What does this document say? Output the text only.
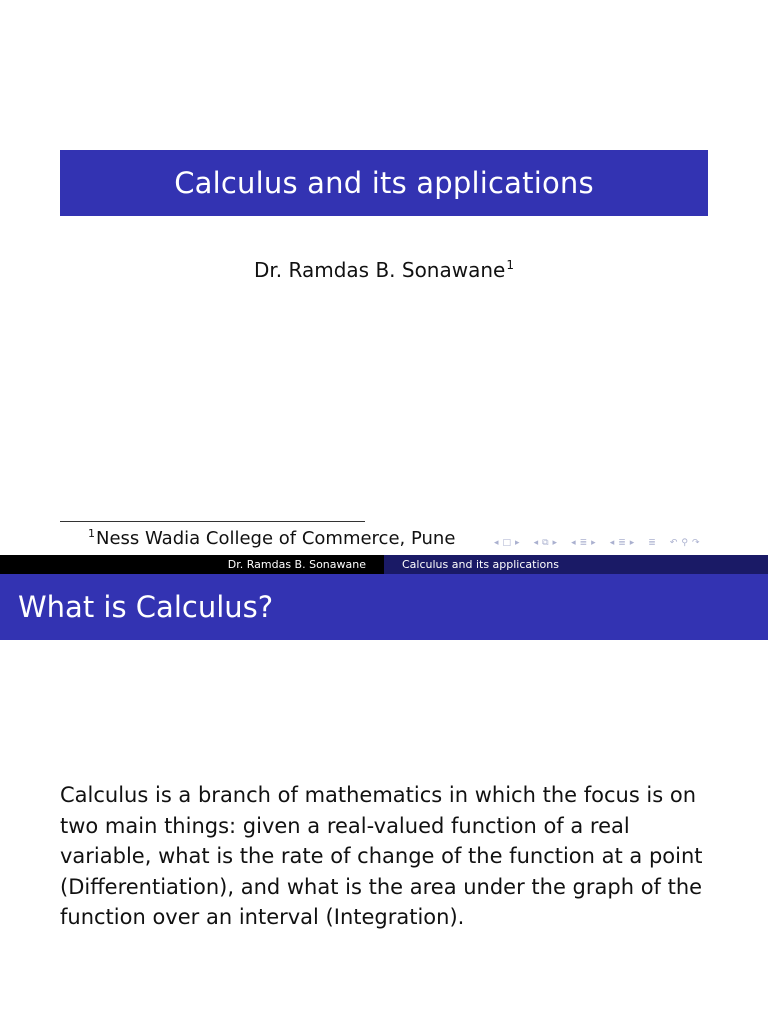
Calculus and its applications
Dr. Ramdas B. Sonawane$^1$
$^1$Ness Wadia College of Commerce, Pune	◂ □ ▸ ◂ ⧉ ▸ ◂ ≣ ▸ ◂ ≣ ▸ ≣ ↶ ⚲ ↷
Dr. Ramdas B. Sonawane	Calculus and its applications
What is Calculus?
Calculus is a branch of mathematics in which the focus is on two main things: given a real-valued function of a real variable, what is the rate of change of the function at a point (Differentiation), and what is the area under the graph of the function over an interval (Integration).
